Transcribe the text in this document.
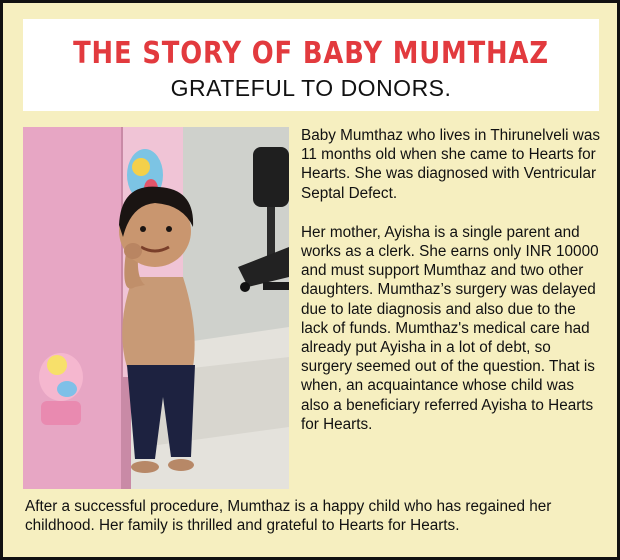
THE STORY OF BABY MUMTHAZ
GRATEFUL TO DONORS.

Baby Mumthaz who lives in Thirunelveli was 11 months old when she came to Hearts for Hearts. She was diagnosed with Ventricular Septal Defect.

Her mother, Ayisha is a single parent and works as a clerk. She earns only INR 10000 and must support Mumthaz and two other daughters. Mumthaz’s surgery was delayed due to late diagnosis and also due to the lack of funds. Mumthaz's medical care had already put Ayisha in a lot of debt, so surgery seemed out of the question. That is when, an acquaintance whose child was also a beneficiary referred Ayisha to Hearts for Hearts.

After a successful procedure, Mumthaz is a happy child who has regained her childhood. Her family is thrilled and grateful to Hearts for Hearts.
